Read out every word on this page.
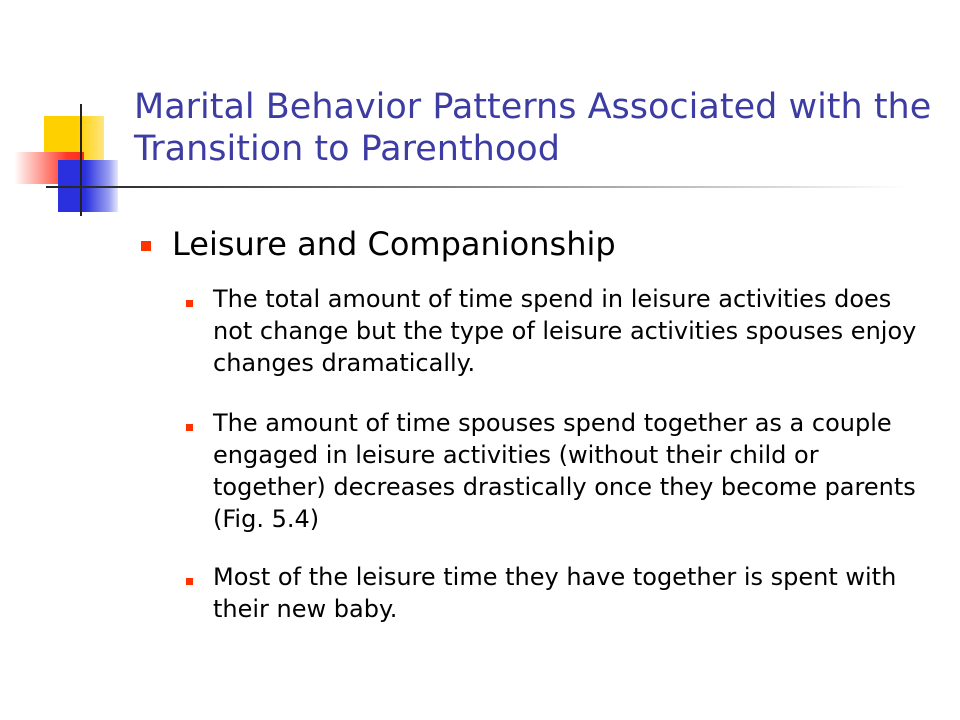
Marital Behavior Patterns Associated with the Transition to Parenthood
Leisure and Companionship

The total amount of time spend in leisure activities does not change but the type of leisure activities spouses enjoy changes dramatically.

The amount of time spouses spend together as a couple engaged in leisure activities (without their child or together) decreases drastically once they become parents (Fig. 5.4)

Most of the leisure time they have together is spent with their new baby.
